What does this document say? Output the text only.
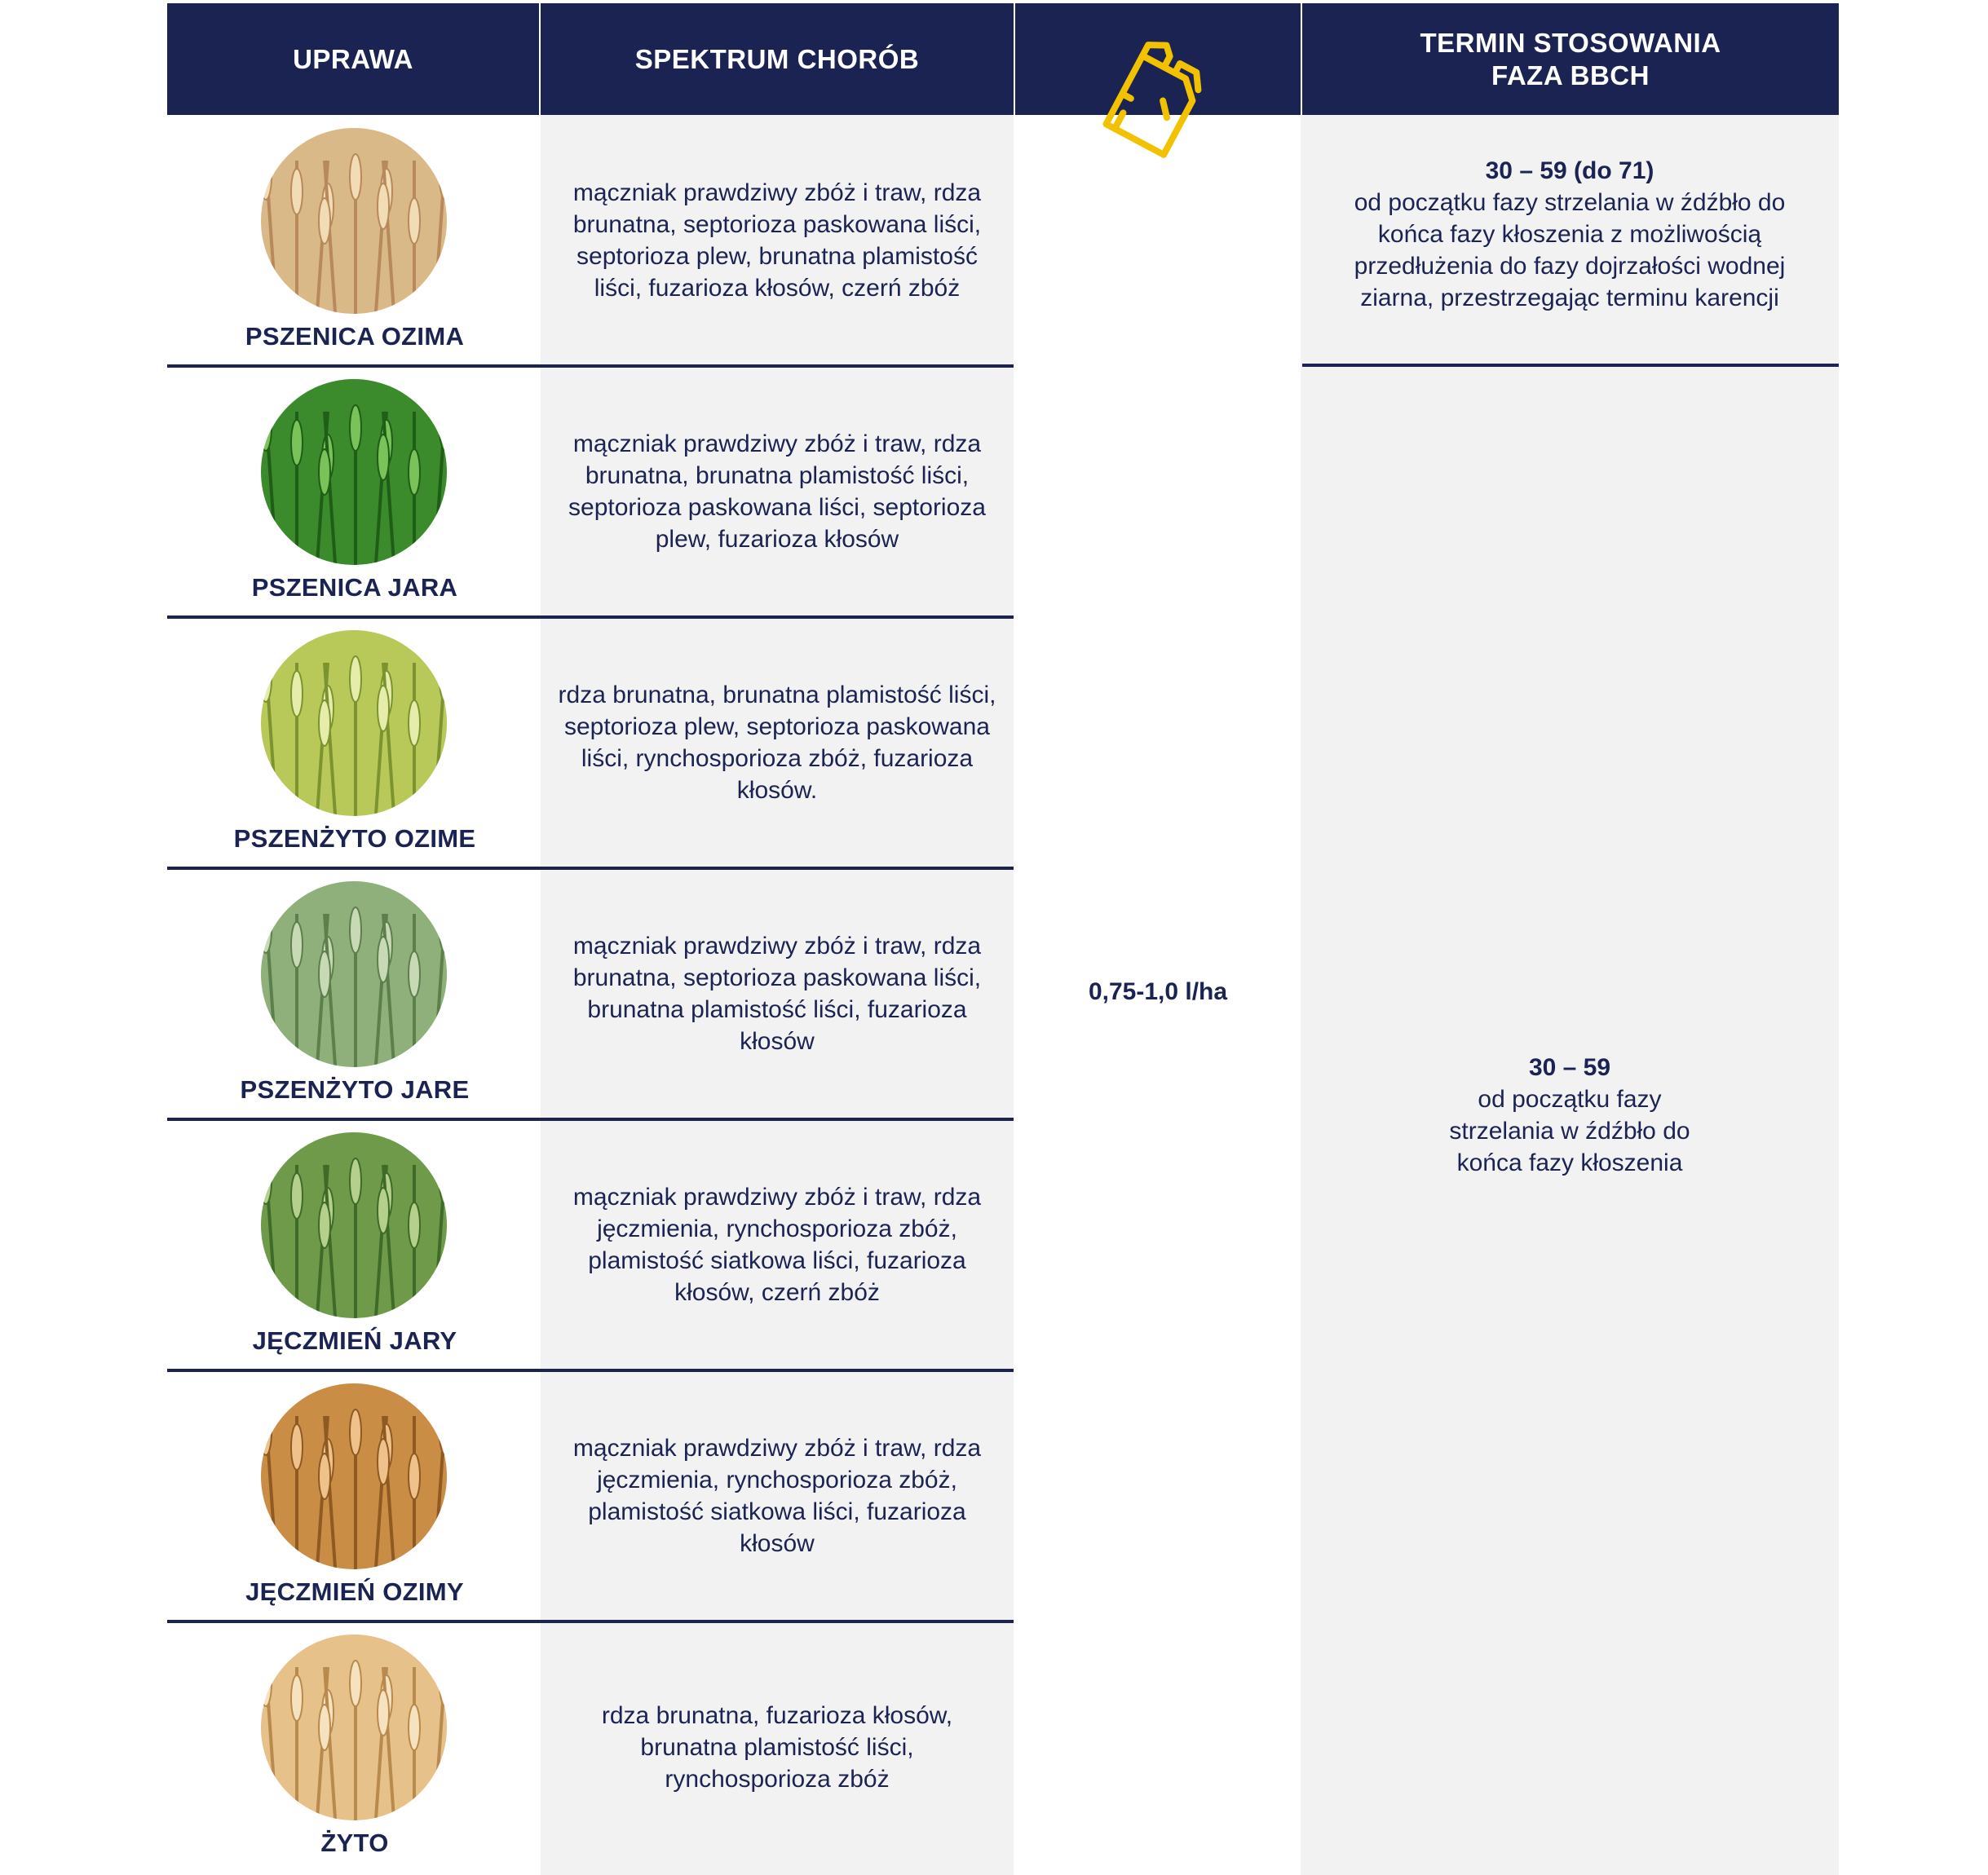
UPRAWA	SPEKTRUM CHORÓB
TERMIN STOSOWANIA
FAZA BBCH
PSZENICA OZIMA
mączniak prawdziwy zbóż i traw, rdza brunatna, septorioza paskowana liści, septorioza plew, brunatna plamistość liści, fuzarioza kłosów, czerń zbóż
PSZENICA JARA
mączniak prawdziwy zbóż i traw, rdza brunatna, brunatna plamistość liści, septorioza paskowana liści, septorioza plew, fuzarioza kłosów
PSZENŻYTO OZIME
rdza brunatna, brunatna plamistość liści, septorioza plew, septorioza paskowana liści, rynchosporioza zbóż, fuzarioza kłosów.
PSZENŻYTO JARE
mączniak prawdziwy zbóż i traw, rdza brunatna, septorioza paskowana liści, brunatna plamistość liści, fuzarioza kłosów
JĘCZMIEŃ JARY
mączniak prawdziwy zbóż i traw, rdza jęczmienia, rynchosporioza zbóż, plamistość siatkowa liści, fuzarioza kłosów, czerń zbóż
JĘCZMIEŃ OZIMY
mączniak prawdziwy zbóż i traw, rdza jęczmienia, rynchosporioza zbóż, plamistość siatkowa liści, fuzarioza kłosów
ŻYTO
rdza brunatna, fuzarioza kłosów, brunatna plamistość liści, rynchosporioza zbóż
0,75-1,0 l/ha
30 – 59 (do 71)
od początku fazy strzelania w źdźbło do końca fazy kłoszenia z możliwością przedłużenia do fazy dojrzałości wodnej ziarna, przestrzegając terminu karencji
30 – 59
od początku fazy strzelania w źdźbło do końca fazy kłoszenia
